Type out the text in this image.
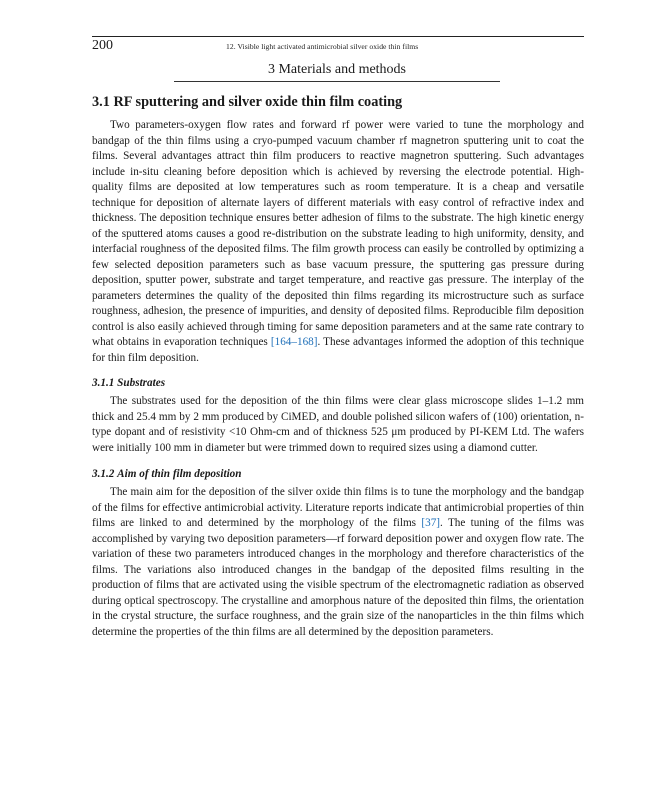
200	12. Visible light activated antimicrobial silver oxide thin films
3 Materials and methods
3.1 RF sputtering and silver oxide thin film coating

Two parameters-oxygen flow rates and forward rf power were varied to tune the morphology and bandgap of the thin films using a cryo-pumped vacuum chamber rf magnetron sputtering unit to coat the films. Several advantages attract thin film producers to reactive magnetron sputtering. Such advantages include in-situ cleaning before deposition which is achieved by reversing the electrode potential. High-quality films are deposited at low temperatures such as room temperature. It is a cheap and versatile technique for deposition of alternate layers of different materials with easy control of refractive index and thickness. The deposition technique ensures better adhesion of films to the substrate. The high kinetic energy of the sputtered atoms causes a good re-distribution on the substrate leading to high uniformity, density, and interfacial roughness of the deposited films. The film growth process can easily be controlled by optimizing a few selected deposition parameters such as base vacuum pressure, the sputtering gas pressure during deposition, sputter power, substrate and target temperature, and reactive gas pressure. The interplay of the parameters determines the quality of the deposited thin films regarding its microstructure such as surface roughness, adhesion, the presence of impurities, and density of deposited films. Reproducible film deposition control is also easily achieved through timing for same deposition parameters and at the same rate contrary to what obtains in evaporation techniques [164–168]. These advantages informed the adoption of this technique for thin film deposition.

3.1.1 Substrates

The substrates used for the deposition of the thin films were clear glass microscope slides 1–1.2 mm thick and 25.4 mm by 2 mm produced by CiMED, and double polished silicon wafers of (100) orientation, n-type dopant and of resistivity <10 Ohm-cm and of thickness 525 μm produced by PI-KEM Ltd. The wafers were initially 100 mm in diameter but were trimmed down to required sizes using a diamond cutter.

3.1.2 Aim of thin film deposition

The main aim for the deposition of the silver oxide thin films is to tune the morphology and the bandgap of the films for effective antimicrobial activity. Literature reports indicate that antimicrobial properties of thin films are linked to and determined by the morphology of the films [37]. The tuning of the films was accomplished by varying two deposition parameters—rf forward deposition power and oxygen flow rate. The variation of these two parameters introduced changes in the morphology and therefore characteristics of the films. The variations also introduced changes in the bandgap of the deposited films resulting in the production of films that are activated using the visible spectrum of the electromagnetic radiation as observed during optical spectroscopy. The crystalline and amorphous nature of the deposited thin films, the orientation in the crystal structure, the surface roughness, and the grain size of the nanoparticles in the thin films which determine the properties of the thin films are all determined by the deposition parameters.
